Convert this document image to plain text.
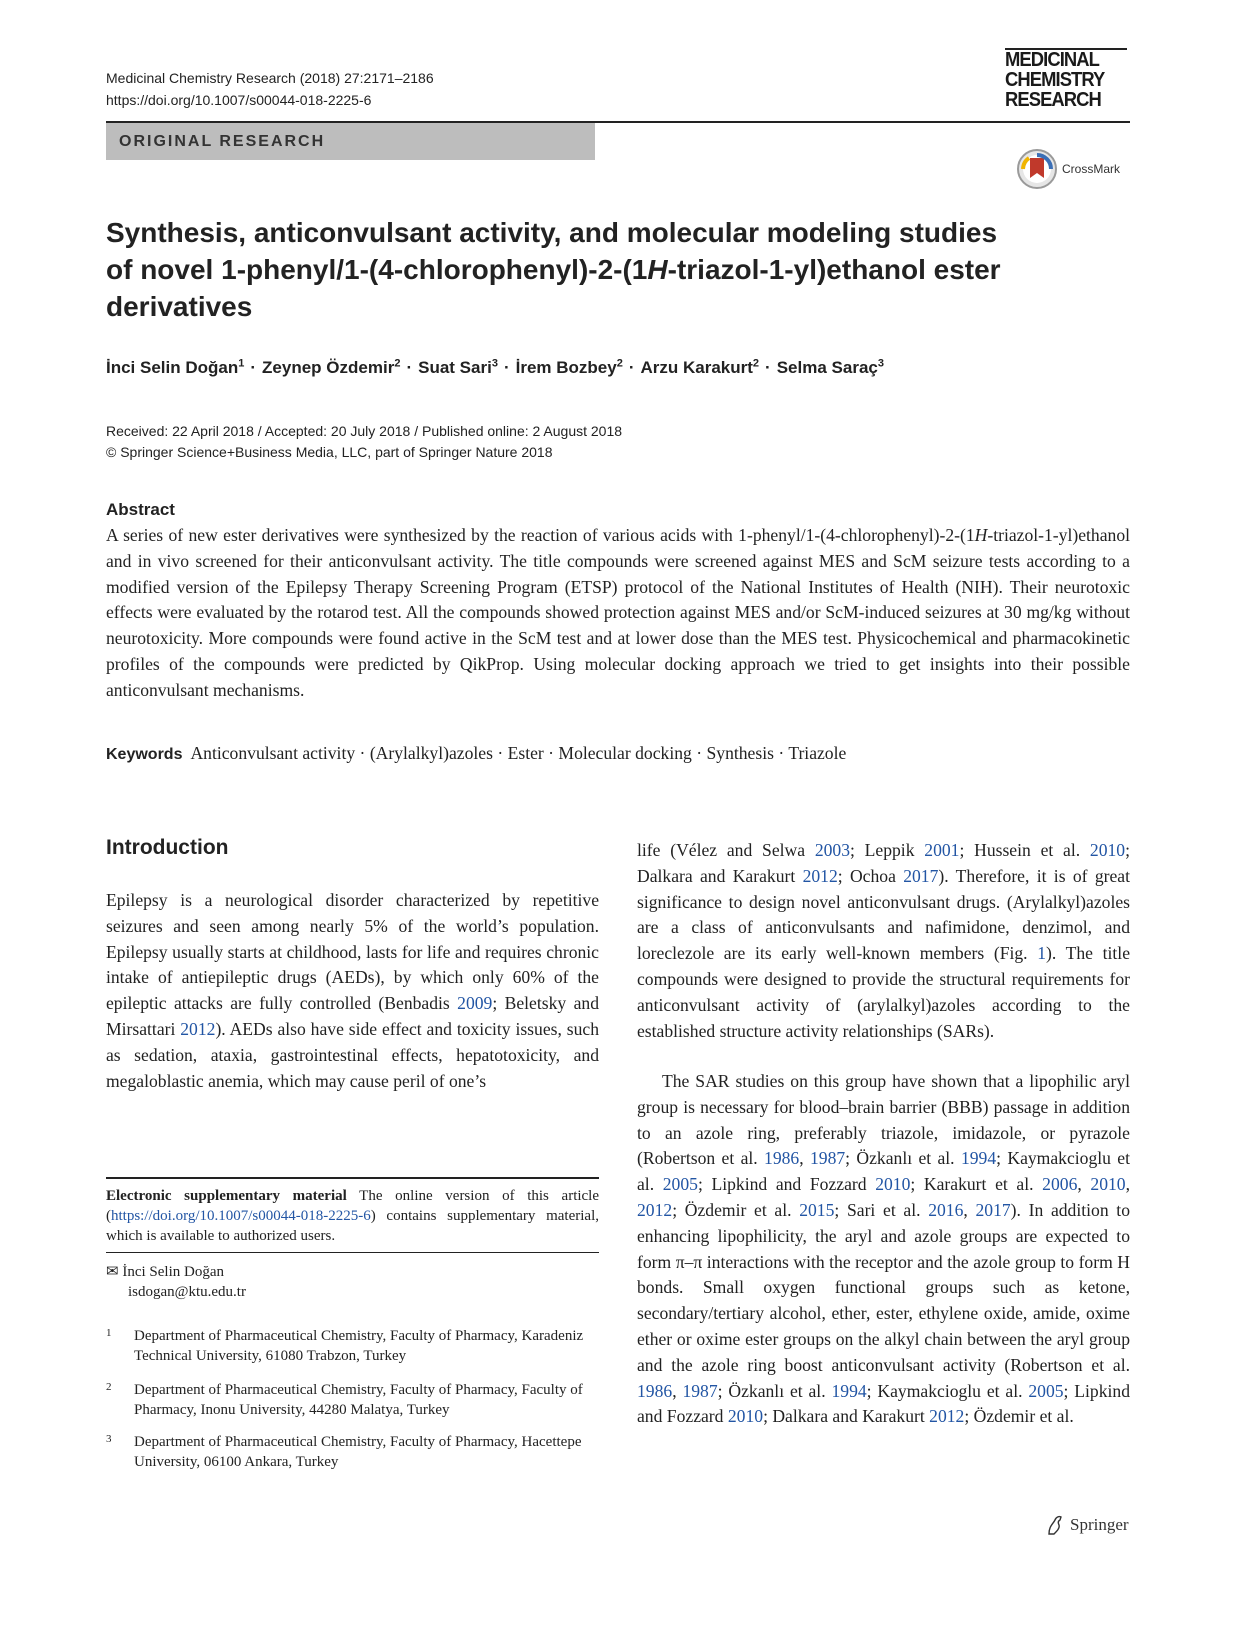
Medicinal Chemistry Research (2018) 27:2171–2186
https://doi.org/10.1007/s00044-018-2225-6
ORIGINAL RESEARCH
MEDICINAL
CHEMISTRY
RESEARCH
CrossMark
Synthesis, anticonvulsant activity, and molecular modeling studies
of novel 1-phenyl/1-(4-chlorophenyl)-2-(1H-triazol-1-yl)ethanol ester
derivatives
İnci Selin Doğan$^1$ · Zeynep Özdemir$^2$ · Suat Sari$^3$ · İrem Bozbey$^2$ · Arzu Karakurt$^2$ · Selma Saraç$^3$
Received: 22 April 2018 / Accepted: 20 July 2018 / Published online: 2 August 2018
© Springer Science+Business Media, LLC, part of Springer Nature 2018
Abstract

A series of new ester derivatives were synthesized by the reaction of various acids with 1-phenyl/1-(4-chlorophenyl)-2-(1H-triazol-1-yl)ethanol and in vivo screened for their anticonvulsant activity. The title compounds were screened against MES and ScM seizure tests according to a modified version of the Epilepsy Therapy Screening Program (ETSP) protocol of the National Institutes of Health (NIH). Their neurotoxic effects were evaluated by the rotarod test. All the compounds showed protection against MES and/or ScM-induced seizures at 30 mg/kg without neurotoxicity. More compounds were found active in the ScM test and at lower dose than the MES test. Physicochemical and pharmacokinetic profiles of the compounds were predicted by QikProp. Using molecular docking approach we tried to get insights into their possible anticonvulsant mechanisms.

Keywords Anticonvulsant activity · (Arylalkyl)azoles · Ester · Molecular docking · Synthesis · Triazole
Introduction

Epilepsy is a neurological disorder characterized by repetitive seizures and seen among nearly 5% of the world’s population. Epilepsy usually starts at childhood, lasts for life and requires chronic intake of antiepileptic drugs (AEDs), by which only 60% of the epileptic attacks are fully controlled (Benbadis 2009; Beletsky and Mirsattari 2012). AEDs also have side effect and toxicity issues, such as sedation, ataxia, gastrointestinal effects, hepatotoxicity, and megaloblastic anemia, which may cause peril of one’s

Electronic supplementary material The online version of this article (https://doi.org/10.1007/s00044-018-2225-6) contains supplementary material, which is available to authorized users.
✉ İnci Selin Doğan
isdogan@ktu.edu.tr
1	Department of Pharmaceutical Chemistry, Faculty of Pharmacy, Karadeniz Technical University, 61080 Trabzon, Turkey
2	Department of Pharmaceutical Chemistry, Faculty of Pharmacy, Faculty of Pharmacy, Inonu University, 44280 Malatya, Turkey
3	Department of Pharmaceutical Chemistry, Faculty of Pharmacy, Hacettepe University, 06100 Ankara, Turkey

life (Vélez and Selwa 2003; Leppik 2001; Hussein et al. 2010; Dalkara and Karakurt 2012; Ochoa 2017). Therefore, it is of great significance to design novel anticonvulsant drugs. (Arylalkyl)azoles are a class of anticonvulsants and nafimidone, denzimol, and loreclezole are its early well-known members (Fig. 1). The title compounds were designed to provide the structural requirements for anticonvulsant activity of (arylalkyl)azoles according to the established structure activity relationships (SARs).

The SAR studies on this group have shown that a lipophilic aryl group is necessary for blood–brain barrier (BBB) passage in addition to an azole ring, preferably triazole, imidazole, or pyrazole (Robertson et al. 1986, 1987; Özkanlı et al. 1994; Kaymakcioglu et al. 2005; Lipkind and Fozzard 2010; Karakurt et al. 2006, 2010, 2012; Özdemir et al. 2015; Sari et al. 2016, 2017). In addition to enhancing lipophilicity, the aryl and azole groups are expected to form π–π interactions with the receptor and the azole group to form H bonds. Small oxygen functional groups such as ketone, secondary/tertiary alcohol, ether, ester, ethylene oxide, amide, oxime ether or oxime ester groups on the alkyl chain between the aryl group and the azole ring boost anticonvulsant activity (Robertson et al. 1986, 1987; Özkanlı et al. 1994; Kaymakcioglu et al. 2005; Lipkind and Fozzard 2010; Dalkara and Karakurt 2012; Özdemir et al.

Springer
